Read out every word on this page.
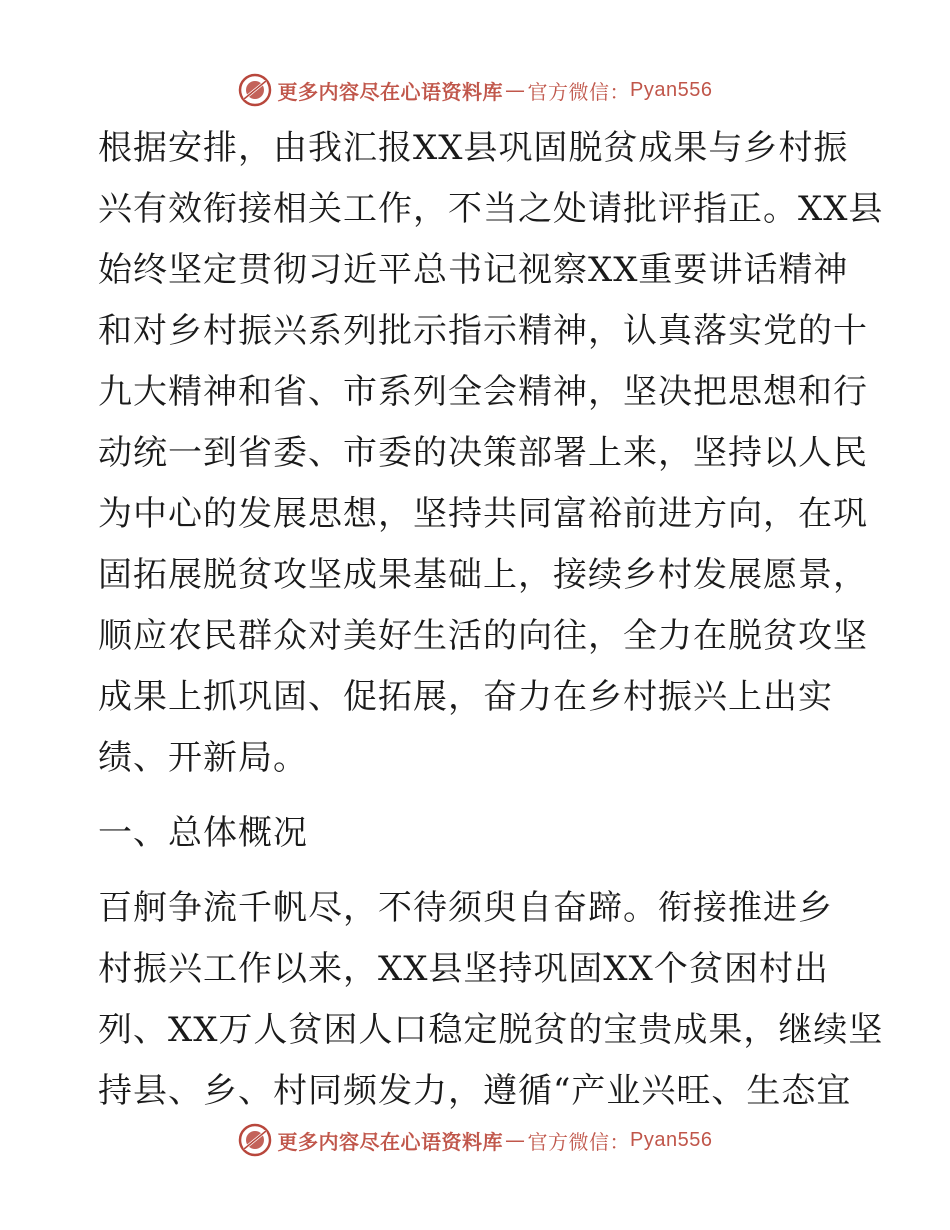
更多内容尽在心语资料库 — 官方微信： Pyan556
根据安排，由我汇报XX县巩固脱贫成果与乡村振
兴有效衔接相关工作，不当之处请批评指正。XX县
始终坚定贯彻习近平总书记视察XX重要讲话精神
和对乡村振兴系列批示指示精神，认真落实党的十
九大精神和省、市系列全会精神，坚决把思想和行
动统一到省委、市委的决策部署上来，坚持以人民
为中心的发展思想，坚持共同富裕前进方向，在巩
固拓展脱贫攻坚成果基础上，接续乡村发展愿景，
顺应农民群众对美好生活的向往，全力在脱贫攻坚
成果上抓巩固、促拓展，奋力在乡村振兴上出实
绩、开新局。
一、总体概况
百舸争流千帆尽，不待须臾自奋蹄。衔接推进乡
村振兴工作以来，XX县坚持巩固XX个贫困村出
列、XX万人贫困人口稳定脱贫的宝贵成果，继续坚
持县、乡、村同频发力，遵循“产业兴旺、生态宜
更多内容尽在心语资料库 — 官方微信： Pyan556
